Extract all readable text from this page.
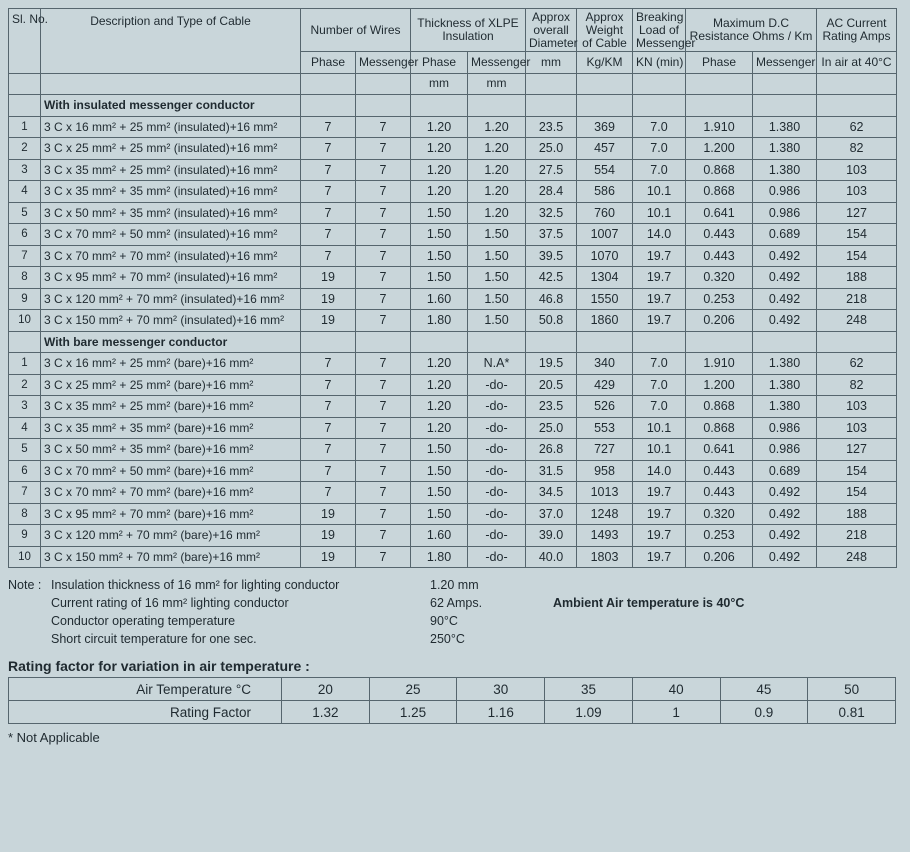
Sl. No.	Description and Type of Cable	Number of Wires		Thickness of XLPE Insulation		Approx overall Diameter	Approx Weight of Cable	Breaking Load of Messenger	Maximum D.C Resistance Ohms / Km		AC Current Rating Amps

		Phase	Messenger	Phase	Messenger	mm	Kg/KM	KN (min)	Phase	Messenger	In air at 40°C
				mm	mm						
	With insulated messenger conductor										
1	3 C x 16 mm² + 25 mm² (insulated)+16 mm²	7	7	1.20	1.20	23.5	369	7.0	1.910	1.380	62
2	3 C x 25 mm² + 25 mm² (insulated)+16 mm²	7	7	1.20	1.20	25.0	457	7.0	1.200	1.380	82
3	3 C x 35 mm² + 25 mm² (insulated)+16 mm²	7	7	1.20	1.20	27.5	554	7.0	0.868	1.380	103
4	3 C x 35 mm² + 35 mm² (insulated)+16 mm²	7	7	1.20	1.20	28.4	586	10.1	0.868	0.986	103
5	3 C x 50 mm² + 35 mm² (insulated)+16 mm²	7	7	1.50	1.20	32.5	760	10.1	0.641	0.986	127
6	3 C x 70 mm² + 50 mm² (insulated)+16 mm²	7	7	1.50	1.50	37.5	1007	14.0	0.443	0.689	154
7	3 C x 70 mm² + 70 mm² (insulated)+16 mm²	7	7	1.50	1.50	39.5	1070	19.7	0.443	0.492	154
8	3 C x 95 mm² + 70 mm² (insulated)+16 mm²	19	7	1.50	1.50	42.5	1304	19.7	0.320	0.492	188
9	3 C x 120 mm² + 70 mm² (insulated)+16 mm²	19	7	1.60	1.50	46.8	1550	19.7	0.253	0.492	218
10	3 C x 150 mm² + 70 mm² (insulated)+16 mm²	19	7	1.80	1.50	50.8	1860	19.7	0.206	0.492	248
	With bare messenger conductor										
1	3 C x 16 mm² + 25 mm² (bare)+16 mm²	7	7	1.20	N.A*	19.5	340	7.0	1.910	1.380	62
2	3 C x 25 mm² + 25 mm² (bare)+16 mm²	7	7	1.20	-do-	20.5	429	7.0	1.200	1.380	82
3	3 C x 35 mm² + 25 mm² (bare)+16 mm²	7	7	1.20	-do-	23.5	526	7.0	0.868	1.380	103
4	3 C x 35 mm² + 35 mm² (bare)+16 mm²	7	7	1.20	-do-	25.0	553	10.1	0.868	0.986	103
5	3 C x 50 mm² + 35 mm² (bare)+16 mm²	7	7	1.50	-do-	26.8	727	10.1	0.641	0.986	127
6	3 C x 70 mm² + 50 mm² (bare)+16 mm²	7	7	1.50	-do-	31.5	958	14.0	0.443	0.689	154
7	3 C x 70 mm² + 70 mm² (bare)+16 mm²	7	7	1.50	-do-	34.5	1013	19.7	0.443	0.492	154
8	3 C x 95 mm² + 70 mm² (bare)+16 mm²	19	7	1.50	-do-	37.0	1248	19.7	0.320	0.492	188
9	3 C x 120 mm² + 70 mm² (bare)+16 mm²	19	7	1.60	-do-	39.0	1493	19.7	0.253	0.492	218
10	3 C x 150 mm² + 70 mm² (bare)+16 mm²	19	7	1.80	-do-	40.0	1803	19.7	0.206	0.492	248
Note : Insulation thickness of 16 mm² for lighting conductor	1.20 mm
Current rating of 16 mm² lighting conductor	62 Amps.	Ambient Air temperature is 40°C
Conductor operating temperature	90°C
Short circuit temperature for one sec.	250°C
Rating factor for variation in air temperature :
Air Temperature °C	20	25	30	35	40	45	50
Rating Factor	1.32	1.25	1.16	1.09	1	0.9	0.81
* Not Applicable
